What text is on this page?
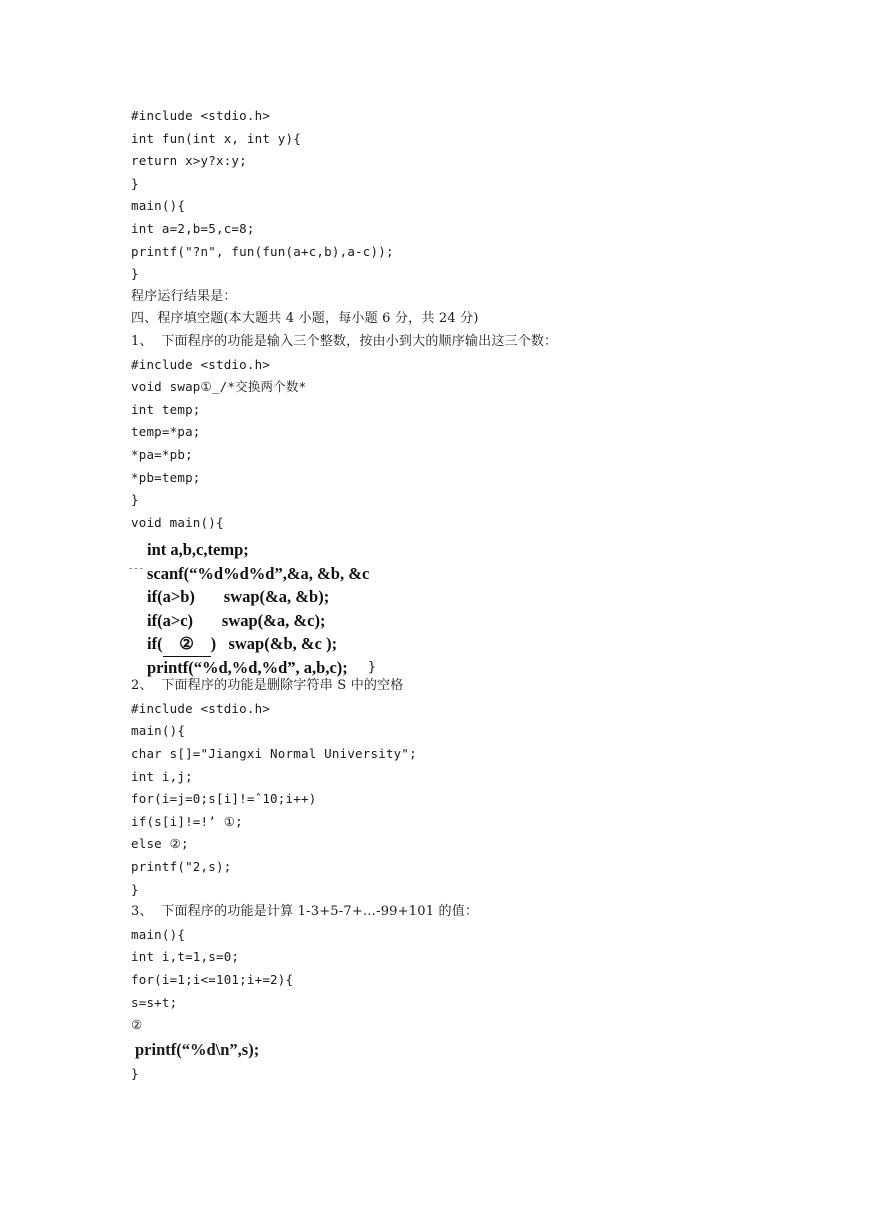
#include <stdio.h>
int fun(int x, int y){
return x>y?x:y;
}
main(){
int a=2,b=5,c=8;
printf("?n", fun(fun(a+c,b),a-c));
}
程序运行结果是：
四、程序填空题(本大题共 4 小题，每小题 6 分，共 24 分)
1、  下面程序的功能是输入三个整数，按由小到大的顺序输出这三个数：
#include <stdio.h>
void swap①_/*交换两个数*
int temp;
temp=*pa;
*pa=*pb;
*pb=temp;
}
void main(){
int a,b,c,temp;
scanf(“%d%d%d”,&a, &b, &c
if(a>b) swap(&a, &b);
if(a>c) swap(&a, &c);
if( ② ) swap(&b, &c );
printf(“%d,%d,%d”, a,b,c);	}
2、  下面程序的功能是删除字符串 S 中的空格
#include <stdio.h>
main(){
char s[]="Jiangxi Normal University";
int i,j;
for(i=j=0;s[i]!=ˆ10;i++)
if(s[i]!=!’ ①;
else ②;
printf("2,s);
}
3、  下面程序的功能是计算 1-3+5-7+…-99+101 的值：
main(){
int i,t=1,s=0;
for(i=1;i<=101;i+=2){
s=s+t;
②
printf(“%d\n”,s);
}
